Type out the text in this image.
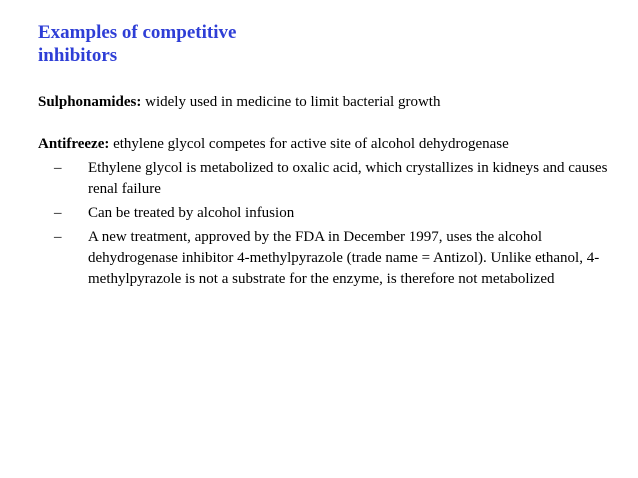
Examples of competitive
inhibitors

Sulphonamides: widely used in medicine to limit bacterial growth

Antifreeze: ethylene glycol competes for active site of alcohol dehydrogenase

– Ethylene glycol is metabolized to oxalic acid, which crystallizes in kidneys and causes renal failure
– Can be treated by alcohol infusion
– A new treatment, approved by the FDA in December 1997, uses the alcohol dehydrogenase inhibitor 4-methylpyrazole (trade name = Antizol). Unlike ethanol, 4-methylpyrazole is not a substrate for the enzyme, is therefore not metabolized
